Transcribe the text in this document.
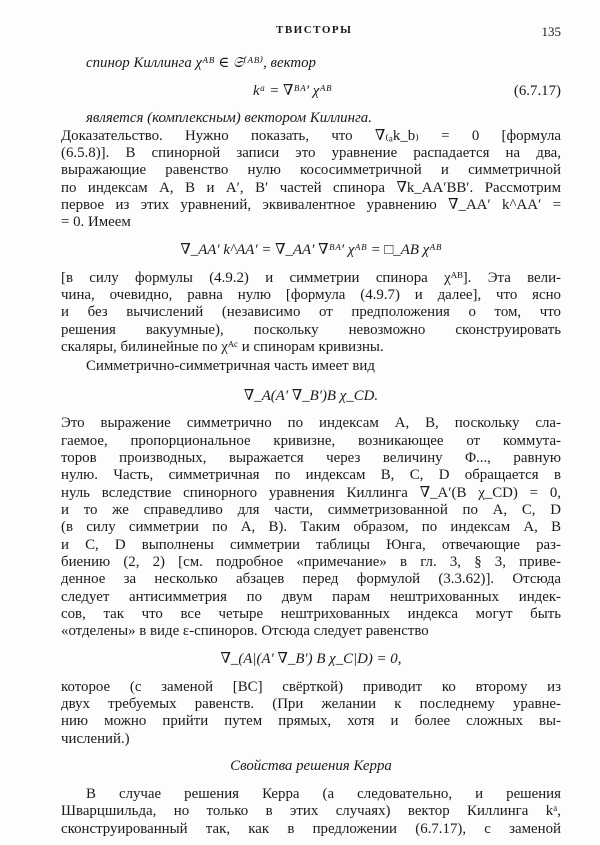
ТВИСТОРЫ	135
спинор Киллинга χᴬᴮ ∈ 𝔖⁽ᴬᴮ⁾, вектор
kᵃ = ∇ᴮᴬ′ χᴬᴮ	(6.7.17)
является (комплексным) вектором Киллинга.
Доказательство. Нужно показать, что ∇₍ₐk_b₎ = 0 [формула
(6.5.8)]. В спинорной записи это уравнение распадается на два,
выражающие равенство нулю кососимметричной и симметричной
по индексам A, B и A′, B′ частей спинора ∇k_AA′BB′. Рассмотрим
первое из этих уравнений, эквивалентное уравнению ∇_AA′ k^AA′ =
= 0. Имеем
∇_AA′ k^AA′ = ∇_AA′ ∇ᴮᴬ′ χᴬᴮ = □_AB χᴬᴮ
[в силу формулы (4.9.2) и симметрии спинора χᴬᴮ]. Эта вели-
чина, очевидно, равна нулю [формула (4.9.7) и далее], что ясно
и без вычислений (независимо от предположения о том, что
решения вакуумные), поскольку невозможно сконструировать
скаляры, билинейные по χᴬᶜ и спинорам кривизны.
Симметрично-симметричная часть имеет вид
∇_A(A′ ∇_B′)B χ_CD.
Это выражение симметрично по индексам A, B, поскольку сла-
гаемое, пропорциональное кривизне, возникающее от коммута-
торов производных, выражается через величину Φ..., равную
нулю. Часть, симметричная по индексам B, C, D обращается в
нуль вследствие спинорного уравнения Киллинга ∇_A′(B χ_CD) = 0,
и то же справедливо для части, симметризованной по A, C, D
(в силу симметрии по A, B). Таким образом, по индексам A, B
и C, D выполнены симметрии таблицы Юнга, отвечающие раз-
биению (2, 2) [см. подробное «примечание» в гл. 3, § 3, приве-
денное за несколько абзацев перед формулой (3.3.62)]. Отсюда
следует антисимметрия по двум парам нештрихованных индек-
сов, так что все четыре нештрихованных индекса могут быть
«отделены» в виде ε-спиноров. Отсюда следует равенство
∇_(A|(A′ ∇_B′) B χ_C|D) = 0,
которое (с заменой [BC] свёрткой) приводит ко второму из
двух требуемых равенств. (При желании к последнему уравне-
нию можно прийти путем прямых, хотя и более сложных вы-
числений.)
Свойства решения Керра
В случае решения Керра (а следовательно, и решения
Шварцшильда, но только в этих случаях) вектор Киллинга kᵃ,
сконструированный так, как в предложении (6.7.17), с заменой
